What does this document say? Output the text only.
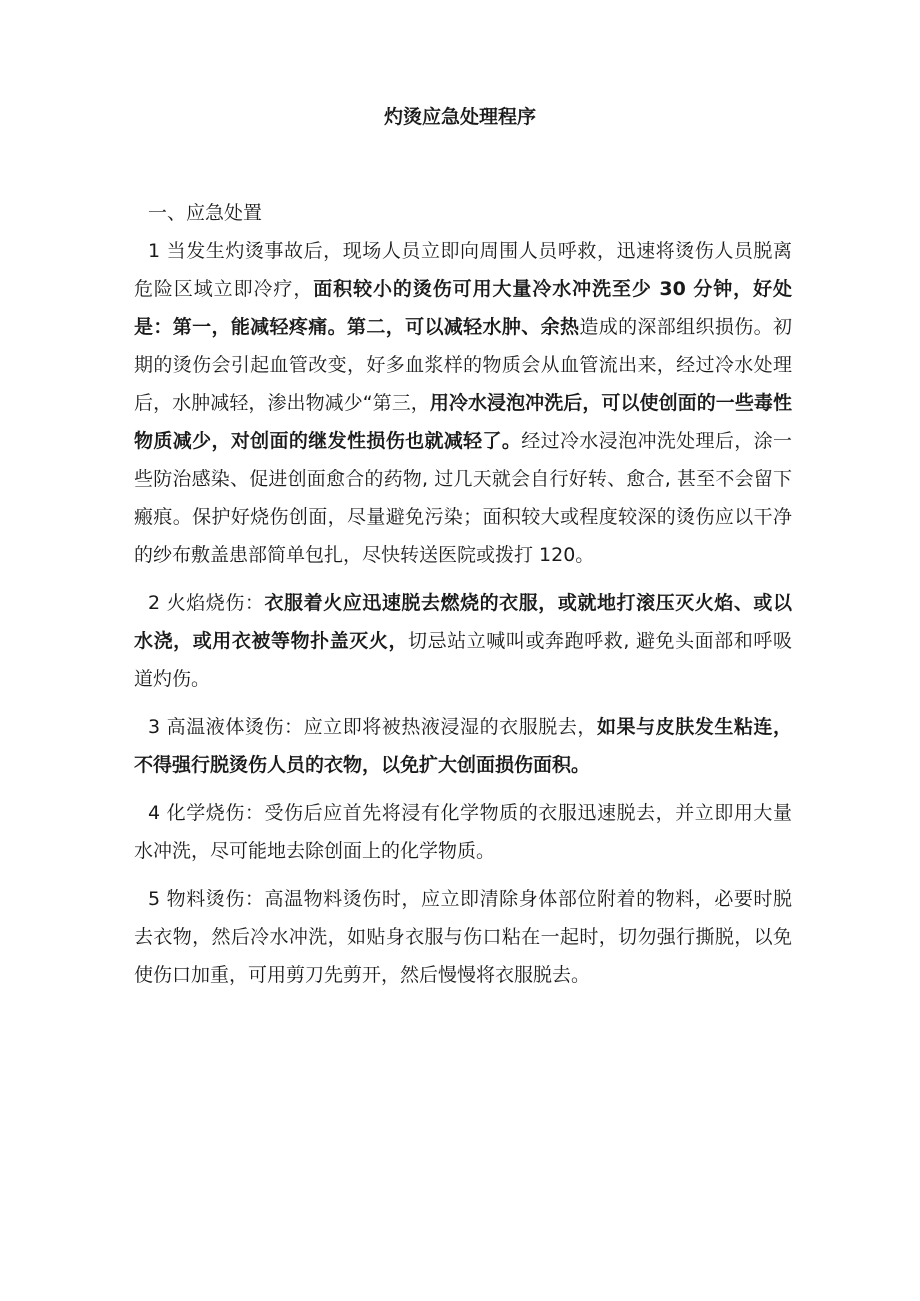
灼烫应急处理程序

一、应急处置

1 当发生灼烫事故后，现场人员立即向周围人员呼救，迅速将烫伤人员脱离危险区域立即冷疗，面积较小的烫伤可用大量冷水冲洗至少 30 分钟，好处是：第一，能减轻疼痛。第二，可以减轻水肿、余热造成的深部组织损伤。初期的烫伤会引起血管改变，好多血浆样的物质会从血管流出来，经过冷水处理后，水肿减轻，渗出物减少“第三，用冷水浸泡冲洗后，可以使创面的一些毒性物质减少，对创面的继发性损伤也就减轻了。经过冷水浸泡冲洗处理后，涂一些防治感染、促进创面愈合的药物, 过几天就会自行好转、愈合, 甚至不会留下瘢痕。保护好烧伤创面，尽量避免污染；面积较大或程度较深的烫伤应以干净的纱布敷盖患部简单包扎，尽快转送医院或拨打 120。

2 火焰烧伤：衣服着火应迅速脱去燃烧的衣服，或就地打滚压灭火焰、或以水浇，或用衣被等物扑盖灭火，切忌站立喊叫或奔跑呼救, 避免头面部和呼吸道灼伤。

3 高温液体烫伤：应立即将被热液浸湿的衣服脱去，如果与皮肤发生粘连，不得强行脱烫伤人员的衣物，以免扩大创面损伤面积。

4 化学烧伤：受伤后应首先将浸有化学物质的衣服迅速脱去，并立即用大量水冲洗，尽可能地去除创面上的化学物质。

5 物料烫伤：高温物料烫伤时，应立即清除身体部位附着的物料，必要时脱去衣物，然后冷水冲洗，如贴身衣服与伤口粘在一起时，切勿强行撕脱，以免使伤口加重，可用剪刀先剪开，然后慢慢将衣服脱去。
